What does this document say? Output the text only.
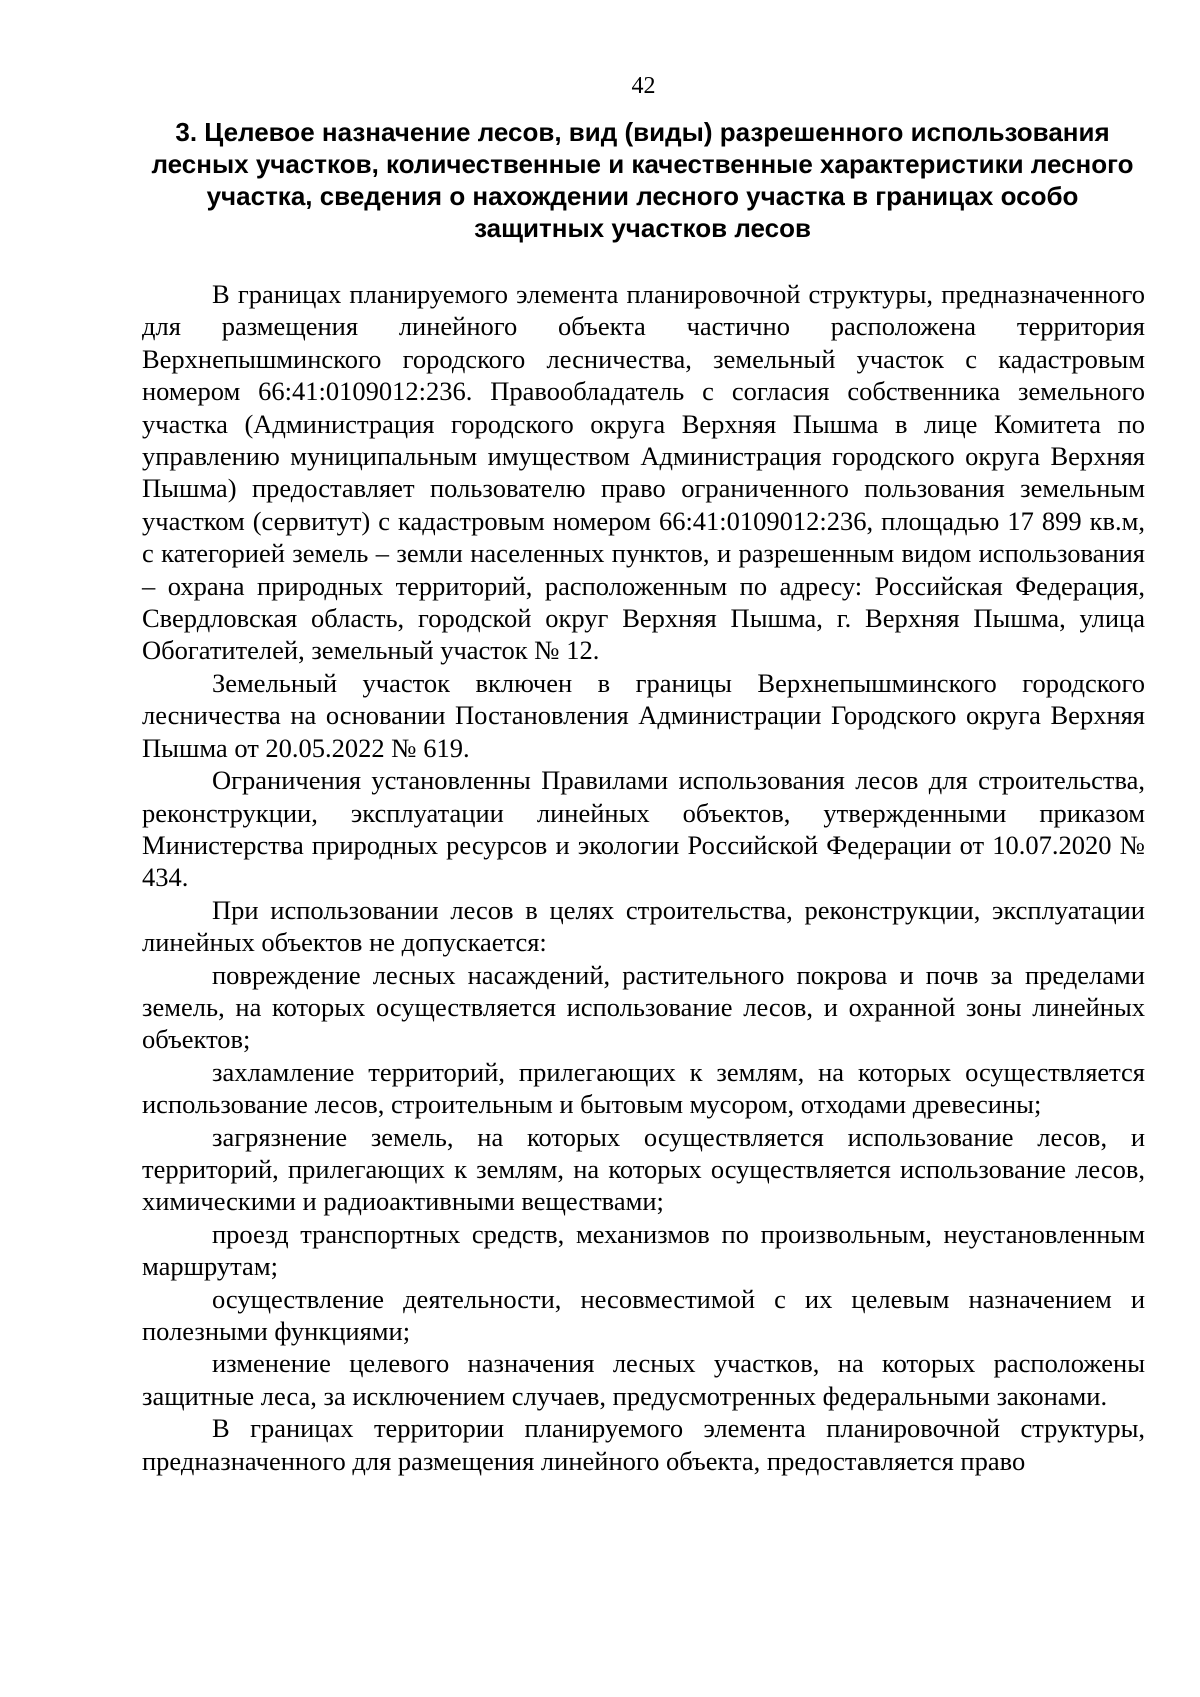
42
3. Целевое назначение лесов, вид (виды) разрешенного использования лесных участков, количественные и качественные характеристики лесного участка, сведения о нахождении лесного участка в границах особо защитных участков лесов

В границах планируемого элемента планировочной структуры, предназначенного для размещения линейного объекта частично расположена территория Верхнепышминского городского лесничества, земельный участок с кадастровым номером 66:41:0109012:236. Правообладатель с согласия собственника земельного участка (Администрация городского округа Верхняя Пышма в лице Комитета по управлению муниципальным имуществом Администрация городского округа Верхняя Пышма) предоставляет пользователю право ограниченного пользования земельным участком (сервитут) с кадастровым номером 66:41:0109012:236, площадью 17 899 кв.м, с категорией земель – земли населенных пунктов, и разрешенным видом использования – охрана природных территорий, расположенным по адресу: Российская Федерация, Свердловская область, городской округ Верхняя Пышма, г. Верхняя Пышма, улица Обогатителей, земельный участок № 12.

Земельный участок включен в границы Верхнепышминского городского лесничества на основании Постановления Администрации Городского округа Верхняя Пышма от 20.05.2022 № 619.

Ограничения установленны Правилами использования лесов для строительства, реконструкции, эксплуатации линейных объектов, утвержденными приказом Министерства природных ресурсов и экологии Российской Федерации от 10.07.2020 № 434.

При использовании лесов в целях строительства, реконструкции, эксплуатации линейных объектов не допускается:

повреждение лесных насаждений, растительного покрова и почв за пределами земель, на которых осуществляется использование лесов, и охранной зоны линейных объектов;

захламление территорий, прилегающих к землям, на которых осуществляется использование лесов, строительным и бытовым мусором, отходами древесины;

загрязнение земель, на которых осуществляется использование лесов, и территорий, прилегающих к землям, на которых осуществляется использование лесов, химическими и радиоактивными веществами;

проезд транспортных средств, механизмов по произвольным, неустановленным маршрутам;

осуществление деятельности, несовместимой с их целевым назначением и полезными функциями;

изменение целевого назначения лесных участков, на которых расположены защитные леса, за исключением случаев, предусмотренных федеральными законами.

В границах территории планируемого элемента планировочной структуры, предназначенного для размещения линейного объекта, предоставляется право
